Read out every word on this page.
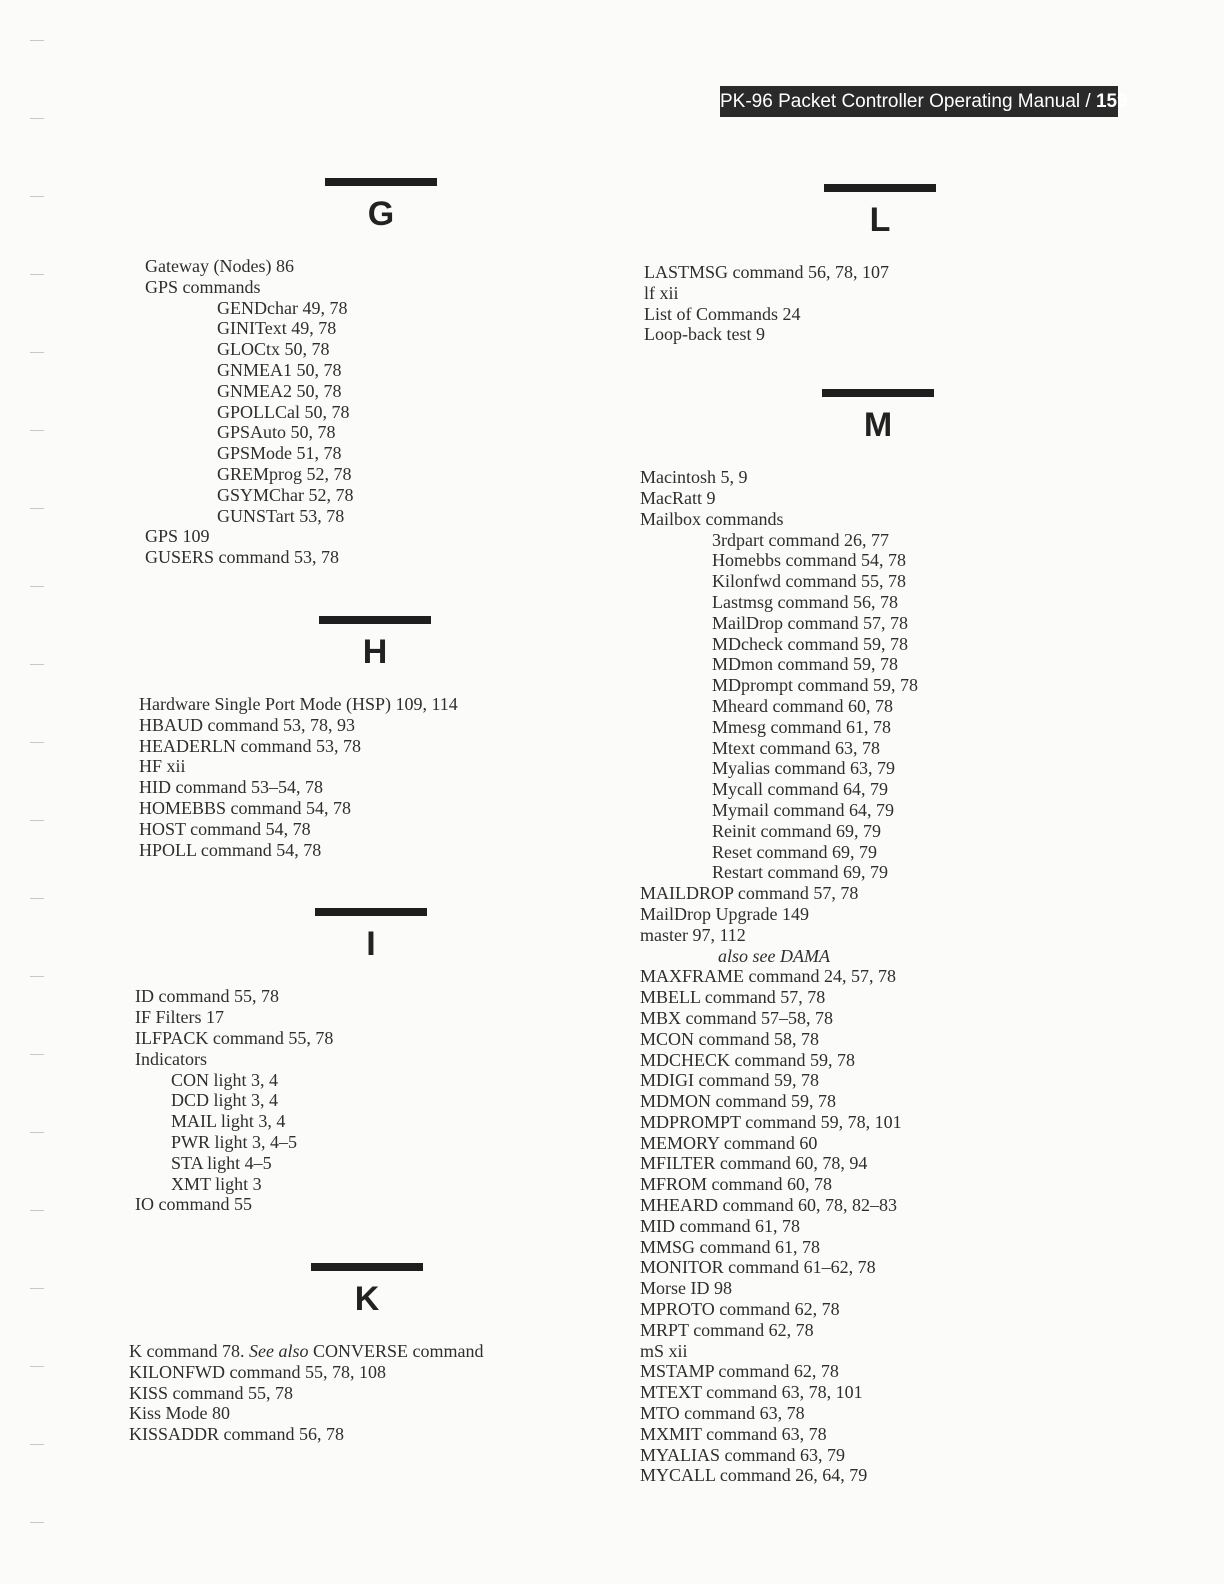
PK-96 Packet Controller Operating Manual / 159
G
Gateway (Nodes) 86
GPS commands
GENDchar 49, 78
GINIText 49, 78
GLOCtx 50, 78
GNMEA1 50, 78
GNMEA2 50, 78
GPOLLCal 50, 78
GPSAuto 50, 78
GPSMode 51, 78
GREMprog 52, 78
GSYMChar 52, 78
GUNSTart 53, 78
GPS 109
GUSERS command 53, 78
H
Hardware Single Port Mode (HSP) 109, 114
HBAUD command 53, 78, 93
HEADERLN command 53, 78
HF xii
HID command 53–54, 78
HOMEBBS command 54, 78
HOST command 54, 78
HPOLL command 54, 78
I
ID command 55, 78
IF Filters 17
ILFPACK command 55, 78
Indicators
CON light 3, 4
DCD light 3, 4
MAIL light 3, 4
PWR light 3, 4–5
STA light 4–5
XMT light 3
IO command 55
K
K command 78. See also CONVERSE command
KILONFWD command 55, 78, 108
KISS command 55, 78
Kiss Mode 80
KISSADDR command 56, 78
L
LASTMSG command 56, 78, 107
lf xii
List of Commands 24
Loop-back test 9
M
Macintosh 5, 9
MacRatt 9
Mailbox commands
3rdpart command 26, 77
Homebbs command 54, 78
Kilonfwd command 55, 78
Lastmsg command 56, 78
MailDrop command 57, 78
MDcheck command 59, 78
MDmon command 59, 78
MDprompt command 59, 78
Mheard command 60, 78
Mmesg command 61, 78
Mtext command 63, 78
Myalias command 63, 79
Mycall command 64, 79
Mymail command 64, 79
Reinit command 69, 79
Reset command 69, 79
Restart command 69, 79
MAILDROP command 57, 78
MailDrop Upgrade 149
master 97, 112
also see DAMA
MAXFRAME command 24, 57, 78
MBELL command 57, 78
MBX command 57–58, 78
MCON command 58, 78
MDCHECK command 59, 78
MDIGI command 59, 78
MDMON command 59, 78
MDPROMPT command 59, 78, 101
MEMORY command 60
MFILTER command 60, 78, 94
MFROM command 60, 78
MHEARD command 60, 78, 82–83
MID command 61, 78
MMSG command 61, 78
MONITOR command 61–62, 78
Morse ID 98
MPROTO command 62, 78
MRPT command 62, 78
mS xii
MSTAMP command 62, 78
MTEXT command 63, 78, 101
MTO command 63, 78
MXMIT command 63, 78
MYALIAS command 63, 79
MYCALL command 26, 64, 79
